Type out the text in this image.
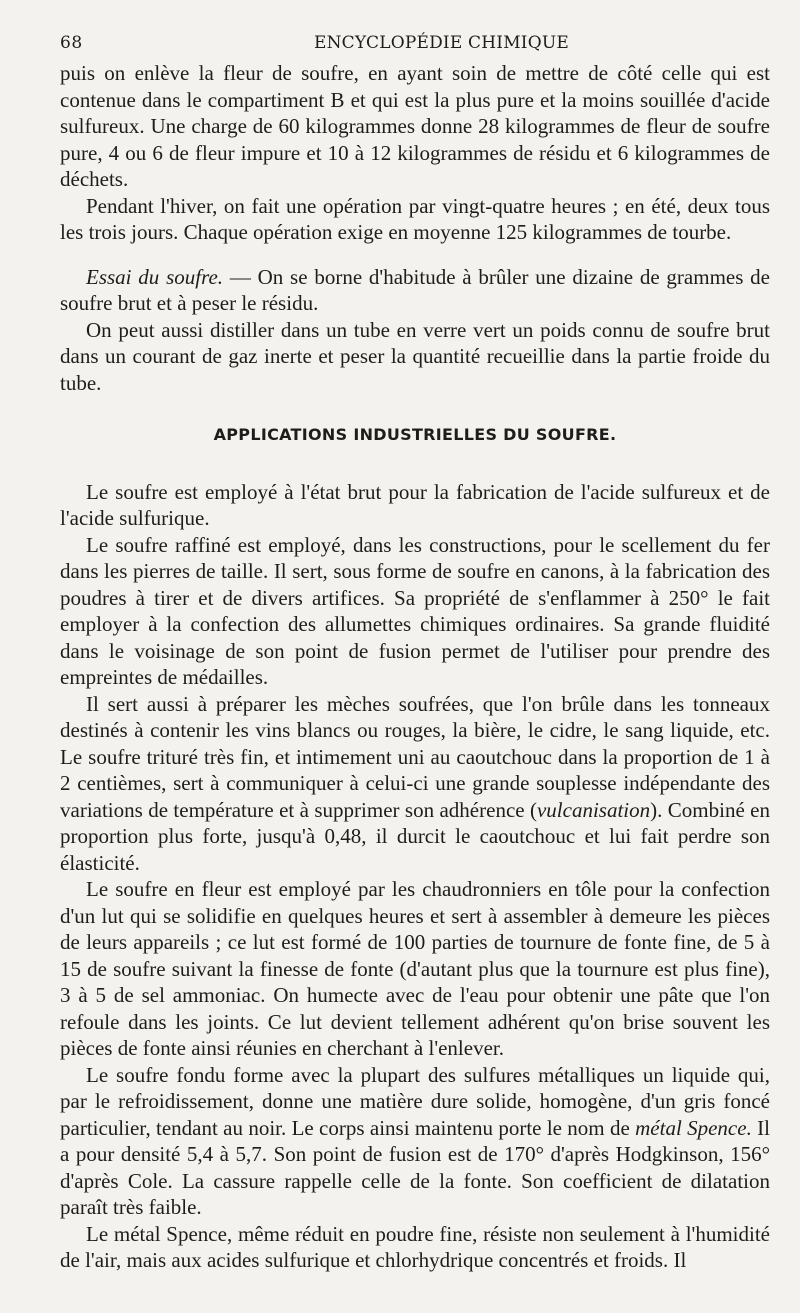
68	ENCYCLOPÉDIE CHIMIQUE

puis on enlève la fleur de soufre, en ayant soin de mettre de côté celle qui est contenue dans le compartiment B et qui est la plus pure et la moins souillée d'acide sulfureux. Une charge de 60 kilogrammes donne 28 kilogrammes de fleur de soufre pure, 4 ou 6 de fleur impure et 10 à 12 kilogrammes de résidu et 6 kilogrammes de déchets.

Pendant l'hiver, on fait une opération par vingt-quatre heures ; en été, deux tous les trois jours. Chaque opération exige en moyenne 125 kilogrammes de tourbe.

Essai du soufre. — On se borne d'habitude à brûler une dizaine de grammes de soufre brut et à peser le résidu.

On peut aussi distiller dans un tube en verre vert un poids connu de soufre brut dans un courant de gaz inerte et peser la quantité recueillie dans la partie froide du tube.

APPLICATIONS INDUSTRIELLES DU SOUFRE.

Le soufre est employé à l'état brut pour la fabrication de l'acide sulfureux et de l'acide sulfurique.

Le soufre raffiné est employé, dans les constructions, pour le scellement du fer dans les pierres de taille. Il sert, sous forme de soufre en canons, à la fabrication des poudres à tirer et de divers artifices. Sa propriété de s'enflammer à 250° le fait employer à la confection des allumettes chimiques ordinaires. Sa grande fluidité dans le voisinage de son point de fusion permet de l'utiliser pour prendre des empreintes de médailles.

Il sert aussi à préparer les mèches soufrées, que l'on brûle dans les tonneaux destinés à contenir les vins blancs ou rouges, la bière, le cidre, le sang liquide, etc. Le soufre trituré très fin, et intimement uni au caoutchouc dans la proportion de 1 à 2 centièmes, sert à communiquer à celui-ci une grande souplesse indépendante des variations de température et à supprimer son adhérence (vulcanisation). Combiné en proportion plus forte, jusqu'à 0,48, il durcit le caoutchouc et lui fait perdre son élasticité.

Le soufre en fleur est employé par les chaudronniers en tôle pour la confection d'un lut qui se solidifie en quelques heures et sert à assembler à demeure les pièces de leurs appareils ; ce lut est formé de 100 parties de tournure de fonte fine, de 5 à 15 de soufre suivant la finesse de fonte (d'autant plus que la tournure est plus fine), 3 à 5 de sel ammoniac. On humecte avec de l'eau pour obtenir une pâte que l'on refoule dans les joints. Ce lut devient tellement adhérent qu'on brise souvent les pièces de fonte ainsi réunies en cherchant à l'enlever.

Le soufre fondu forme avec la plupart des sulfures métalliques un liquide qui, par le refroidissement, donne une matière dure solide, homogène, d'un gris foncé particulier, tendant au noir. Le corps ainsi maintenu porte le nom de métal Spence. Il a pour densité 5,4 à 5,7. Son point de fusion est de 170° d'après Hodgkinson, 156° d'après Cole. La cassure rappelle celle de la fonte. Son coefficient de dilatation paraît très faible.

Le métal Spence, même réduit en poudre fine, résiste non seulement à l'humidité de l'air, mais aux acides sulfurique et chlorhydrique concentrés et froids. Il
